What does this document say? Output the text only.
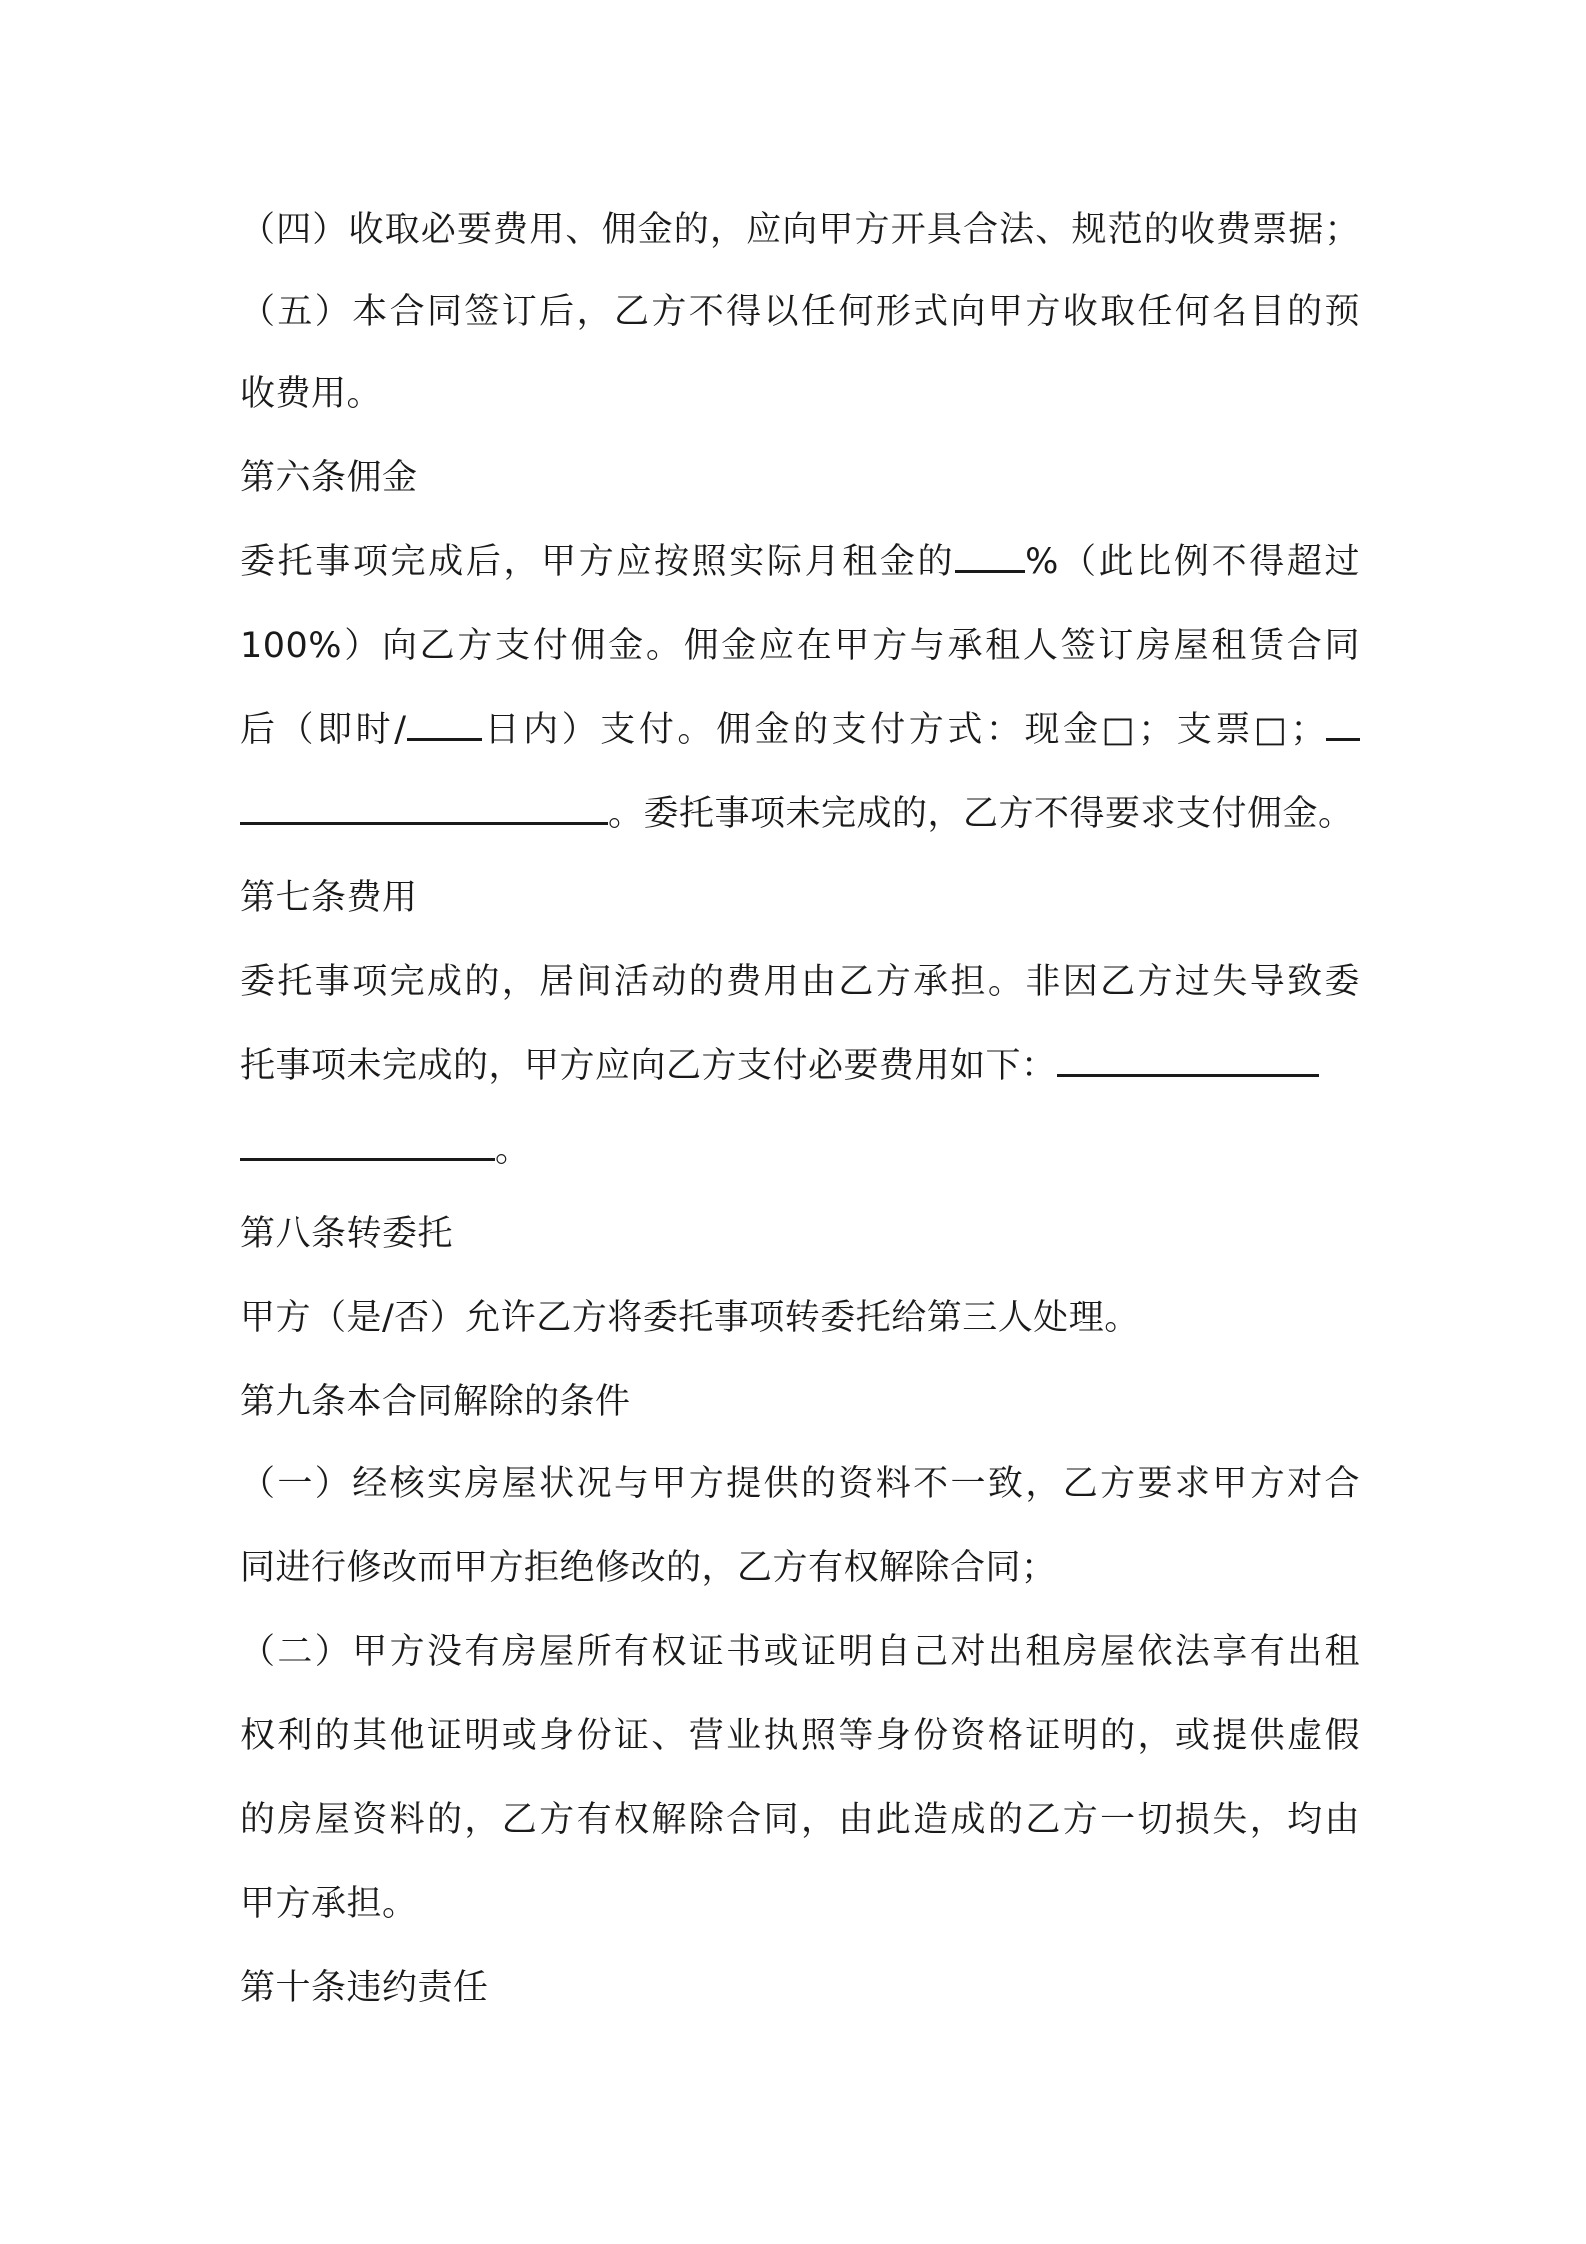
（四）收取必要费用、佣金的，应向甲方开具合法、规范的收费票据；
（五）本合同签订后，乙方不得以任何形式向甲方收取任何名目的预
收费用。
第六条佣金
委托事项完成后，甲方应按照实际月租金的 %（此比例不得超过
100%）向乙方支付佣金。佣金应在甲方与承租人签订房屋租赁合同
后（即时/ 日内）支付。佣金的支付方式：现金□；支票□；
。委托事项未完成的，乙方不得要求支付佣金。
第七条费用
委托事项完成的，居间活动的费用由乙方承担。非因乙方过失导致委
托事项未完成的，甲方应向乙方支付必要费用如下：
。
第八条转委托
甲方（是/否）允许乙方将委托事项转委托给第三人处理。
第九条本合同解除的条件
（一）经核实房屋状况与甲方提供的资料不一致，乙方要求甲方对合
同进行修改而甲方拒绝修改的，乙方有权解除合同；
（二）甲方没有房屋所有权证书或证明自己对出租房屋依法享有出租
权利的其他证明或身份证、营业执照等身份资格证明的，或提供虚假
的房屋资料的，乙方有权解除合同，由此造成的乙方一切损失，均由
甲方承担。
第十条违约责任
